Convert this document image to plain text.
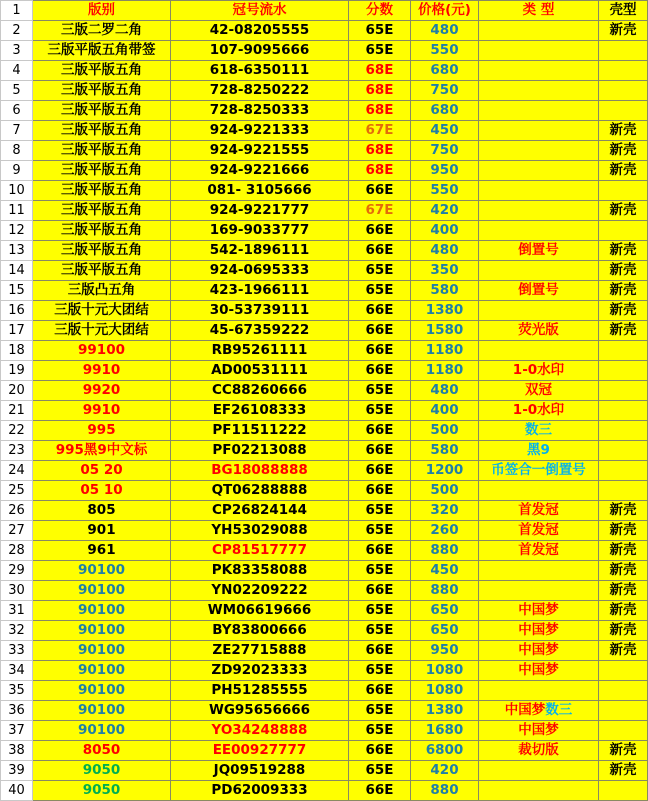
1	版别	冠号流水	分数	价格(元)	类 型	壳型
2	三版二罗二角	42-08205555	65E	480		新壳
3	三版平版五角带签	107-9095666	65E	550		
4	三版平版五角	618-6350111	68E	680		
5	三版平版五角	728-8250222	68E	750		
6	三版平版五角	728-8250333	68E	680		
7	三版平版五角	924-9221333	67E	450		新壳
8	三版平版五角	924-9221555	68E	750		新壳
9	三版平版五角	924-9221666	68E	950		新壳
10	三版平版五角	081- 3105666	66E	550		
11	三版平版五角	924-9221777	67E	420		新壳
12	三版平版五角	169-9033777	66E	400		
13	三版平版五角	542-1896111	66E	480	倒置号	新壳
14	三版平版五角	924-0695333	65E	350		新壳
15	三版凸五角	423-1966111	65E	580	倒置号	新壳
16	三版十元大团结	30-53739111	66E	1380		新壳
17	三版十元大团结	45-67359222	66E	1580	荧光版	新壳
18	99100	RB95261111	66E	1180		
19	9910	AD00531111	66E	1180	1-0水印	
20	9920	CC88260666	65E	480	双冠	
21	9910	EF26108333	65E	400	1-0水印	
22	995	PF11511222	66E	500	数三	
23	995黑9中文标	PF02213088	66E	580	黑9	
24	05 20	BG18088888	66E	1200	币签合一倒置号	
25	05 10	QT06288888	66E	500		
26	805	CP26824144	65E	320	首发冠	新壳
27	901	YH53029088	65E	260	首发冠	新壳
28	961	CP81517777	66E	880	首发冠	新壳
29	90100	PK83358088	65E	450		新壳
30	90100	YN02209222	66E	880		新壳
31	90100	WM06619666	65E	650	中国梦	新壳
32	90100	BY83800666	65E	650	中国梦	新壳
33	90100	ZE27715888	66E	950	中国梦	新壳
34	90100	ZD92023333	65E	1080	中国梦	
35	90100	PH51285555	66E	1080		
36	90100	WG95656666	65E	1380	中国梦数三	
37	90100	YO34248888	65E	1680	中国梦	
38	8050	EE00927777	66E	6800	裁切版	新壳
39	9050	JQ09519288	65E	420		新壳
40	9050	PD62009333	66E	880		
